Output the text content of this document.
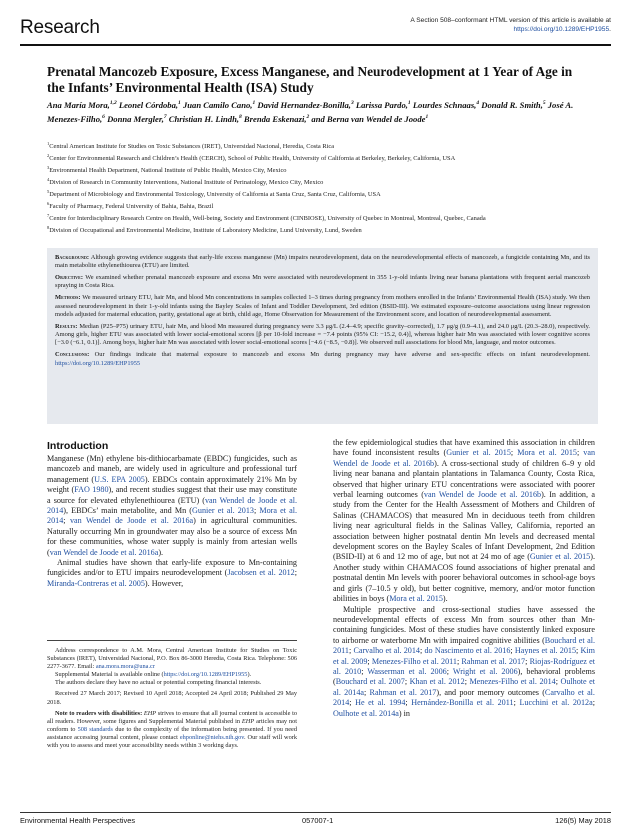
Research	A Section 508–conformant HTML version of this article is available at https://doi.org/10.1289/EHP1955.
Prenatal Mancozeb Exposure, Excess Manganese, and Neurodevelopment at 1 Year of Age in the Infants’ Environmental Health (ISA) Study
Ana María Mora,$^{1,2}$ Leonel Córdoba,$^1$ Juan Camilo Cano,$^1$ David Hernandez-Bonilla,$^3$ Larissa Pardo,$^1$ Lourdes Schnaas,$^4$ Donald R. Smith,$^5$ José A. Menezes-Filho,$^6$ Donna Mergler,$^7$ Christian H. Lindh,$^8$ Brenda Eskenazi,$^2$ and Berna van Wendel de Joode$^1$
$^1$Central American Institute for Studies on Toxic Substances (IRET), Universidad Nacional, Heredia, Costa Rica
$^2$Center for Environmental Research and Children’s Health (CERCH), School of Public Health, University of California at Berkeley, Berkeley, California, USA
$^3$Environmental Health Department, National Institute of Public Health, Mexico City, Mexico
$^4$Division of Research in Community Interventions, National Institute of Perinatology, Mexico City, Mexico
$^5$Department of Microbiology and Environmental Toxicology, University of California at Santa Cruz, Santa Cruz, California, USA
$^6$Faculty of Pharmacy, Federal University of Bahia, Bahia, Brazil
$^7$Centre for Interdisciplinary Research Centre on Health, Well-being, Society and Environment (CINBIOSE), University of Quebec in Montreal, Montreal, Quebec, Canada
$^8$Division of Occupational and Environmental Medicine, Institute of Laboratory Medicine, Lund University, Lund, Sweden

Background: Although growing evidence suggests that early-life excess manganese (Mn) impairs neurodevelopment, data on the neurodevelopmental effects of mancozeb, a fungicide containing Mn, and its main metabolite ethylenethiourea (ETU) are limited.

Objective: We examined whether prenatal mancozeb exposure and excess Mn were associated with neurodevelopment in 355 1-y-old infants living near banana plantations with frequent aerial mancozeb spraying in Costa Rica.

Methods: We measured urinary ETU, hair Mn, and blood Mn concentrations in samples collected 1–3 times during pregnancy from mothers enrolled in the Infants’ Environmental Health (ISA) study. We then assessed neurodevelopment in their 1-y-old infants using the Bayley Scales of Infant and Toddler Development, 3rd edition (BSID-III). We estimated exposure–outcome associations using linear regression models adjusted for maternal education, parity, gestational age at birth, child age, Home Observation for Measurement of the Environment score, and location of neurodevelopmental assessment.

Results: Median (P25–P75) urinary ETU, hair Mn, and blood Mn measured during pregnancy were 3.3 μg/L (2.4–4.9; specific gravity–corrected), 1.7 μg/g (0.9–4.1), and 24.0 μg/L (20.3–28.0), respectively. Among girls, higher ETU was associated with lower social-emotional scores [β per 10-fold increase = −7.4 points (95% CI: −15.2, 0.4)], whereas higher hair Mn was associated with lower cognitive scores [−3.0 (−6.1, 0.1)]. Among boys, higher hair Mn was associated with lower social-emotional scores [−4.6 (−8.5, −0.8)]. We observed null associations for blood Mn, language, and motor outcomes.

Conclusions: Our findings indicate that maternal exposure to mancozeb and excess Mn during pregnancy may have adverse and sex-specific effects on infant neurodevelopment. https://doi.org/10.1289/EHP1955

Introduction

Manganese (Mn) ethylene bis-dithiocarbamate (EBDC) fungicides, such as mancozeb and maneb, are widely used in agriculture and professional turf management (U.S. EPA 2005). EBDCs contain approximately 21% Mn by weight (FAO 1980), and recent studies suggest that their use may constitute a source for elevated ethylenethiourea (ETU) (van Wendel de Joode et al. 2014), EBDCs’ main metabolite, and Mn (Gunier et al. 2013; Mora et al. 2014; van Wendel de Joode et al. 2016a) in agricultural communities. Naturally occurring Mn in groundwater may also be a source of excess Mn for these communities, whose water supply is mainly from artesian wells (van Wendel de Joode et al. 2016a).

Animal studies have shown that early-life exposure to Mn-containing fungicides and/or to ETU impairs neurodevelopment (Jacobsen et al. 2012; Miranda-Contreras et al. 2005). However,

Address correspondence to A.M. Mora, Central American Institute for Studies on Toxic Substances (IRET), Universidad Nacional, P.O. Box 86-3000 Heredia, Costa Rica. Telephone: 506 2277-3677. Email: ana.mora.mora@una.cr

Supplemental Material is available online (https://doi.org/10.1289/EHP1955).

The authors declare they have no actual or potential competing financial interests.

Received 27 March 2017; Revised 10 April 2018; Accepted 24 April 2018; Published 29 May 2018.

Note to readers with disabilities: EHP strives to ensure that all journal content is accessible to all readers. However, some figures and Supplemental Material published in EHP articles may not conform to 508 standards due to the complexity of the information being presented. If you need assistance accessing journal content, please contact ehponline@niehs.nih.gov. Our staff will work with you to assess and meet your accessibility needs within 3 working days.

the few epidemiological studies that have examined this association in children have found inconsistent results (Gunier et al. 2015; Mora et al. 2015; van Wendel de Joode et al. 2016b). A cross-sectional study of children 6–9 y old living near banana and plantain plantations in Talamanca County, Costa Rica, observed that higher urinary ETU concentrations were associated with poorer verbal learning outcomes (van Wendel de Joode et al. 2016b). In addition, a study from the Center for the Health Assessment of Mothers and Children of Salinas (CHAMACOS) that measured Mn in deciduous teeth from children living near agricultural fields in the Salinas Valley, California, reported an association between higher postnatal dentin Mn levels and decreased mental development scores on the Bayley Scales of Infant Development, 2nd Edition (BSID-II) at 6 and 12 mo of age, but not at 24 mo of age (Gunier et al. 2015). Another study within CHAMACOS found associations of higher prenatal and postnatal dentin Mn levels with poorer behavioral outcomes in school-age boys and girls (7–10.5 y old), but better cognitive, memory, and/or motor function abilities in boys (Mora et al. 2015).

Multiple prospective and cross-sectional studies have assessed the neurodevelopmental effects of excess Mn from sources other than Mn-containing fungicides. Most of these studies have consistently linked exposure to airborne or waterborne Mn with impaired cognitive abilities (Bouchard et al. 2011; Carvalho et al. 2014; do Nascimento et al. 2016; Haynes et al. 2015; Kim et al. 2009; Menezes-Filho et al. 2011; Rahman et al. 2017; Riojas-Rodríguez et al. 2010; Wasserman et al. 2006; Wright et al. 2006), behavioral problems (Bouchard et al. 2007; Khan et al. 2012; Menezes-Filho et al. 2014; Oulhote et al. 2014a; Rahman et al. 2017), and poor memory outcomes (Carvalho et al. 2014; He et al. 1994; Hernández-Bonilla et al. 2011; Lucchini et al. 2012a; Oulhote et al. 2014a) in

Environmental Health Perspectives	057007-1	126(5) May 2018
